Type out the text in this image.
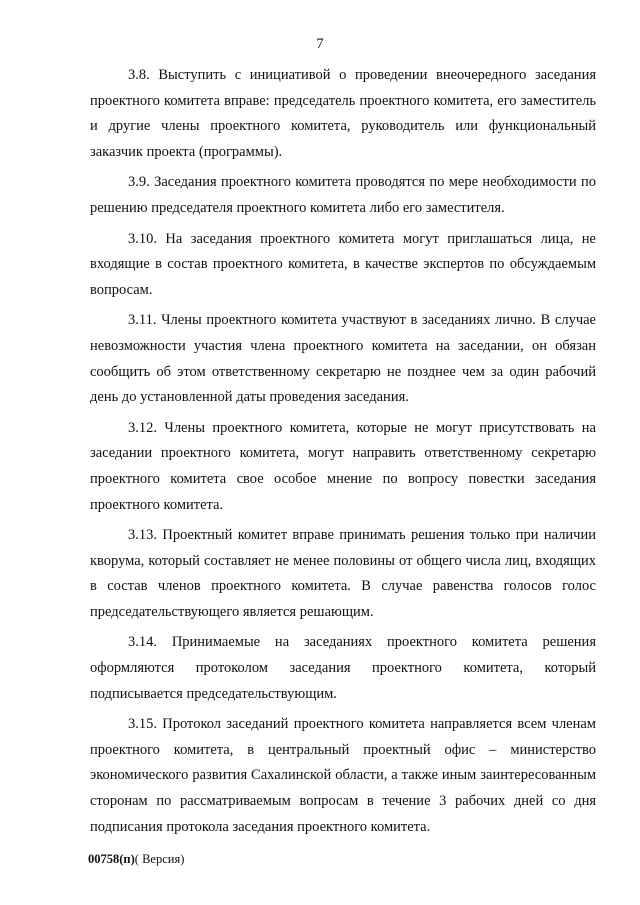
7

3.8. Выступить с инициативой о проведении внеочередного заседания проектного комитета вправе: председатель проектного комитета, его заместитель и другие члены проектного комитета, руководитель или функциональный заказчик проекта (программы).

3.9. Заседания проектного комитета проводятся по мере необходимости по решению председателя проектного комитета либо его заместителя.

3.10. На заседания проектного комитета могут приглашаться лица, не входящие в состав проектного комитета, в качестве экспертов по обсуждаемым вопросам.

3.11. Члены проектного комитета участвуют в заседаниях лично. В случае невозможности участия члена проектного комитета на заседании, он обязан сообщить об этом ответственному секретарю не позднее чем за один рабочий день до установленной даты проведения заседания.

3.12. Члены проектного комитета, которые не могут присутствовать на заседании проектного комитета, могут направить ответственному секретарю проектного комитета свое особое мнение по вопросу повестки заседания проектного комитета.

3.13. Проектный комитет вправе принимать решения только при наличии кворума, который составляет не менее половины от общего числа лиц, входящих в состав членов проектного комитета. В случае равенства голосов голос председательствующего является решающим.

3.14. Принимаемые на заседаниях проектного комитета решения оформляются протоколом заседания проектного комитета, который подписывается председательствующим.

3.15. Протокол заседаний проектного комитета направляется всем членам проектного комитета, в центральный проектный офис – министерство экономического развития Сахалинской области, а также иным заинтересованным сторонам по рассматриваемым вопросам в течение 3 рабочих дней со дня подписания протокола заседания проектного комитета.

00758(п)( Версия)
